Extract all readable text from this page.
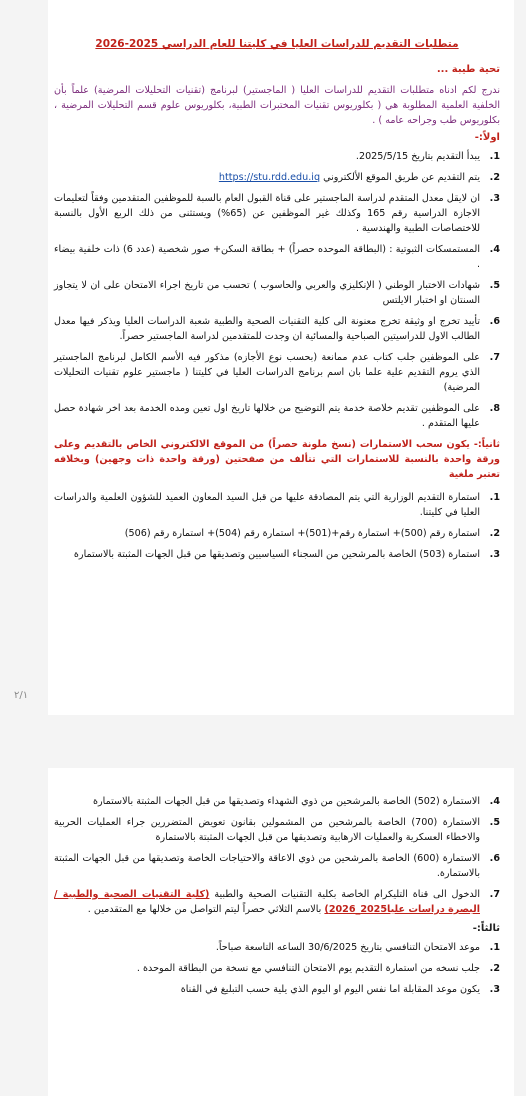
متطلبات التقديم للدراسات العليا في كليتنا للعام الدراسي 2025-2026
تحية طيبة ...
ندرج لكم ادناه متطلبات التقديم للدراسات العليا ( الماجستير) لبرنامج (تقنيات التحليلات المرضية) علماً بأن الخلفية العلمية المطلوبة هي ( بكلوريوس تقنيات المختبرات الطبية، بكلوريوس علوم قسم التحليلات المرضية ، بكلوريوس طب وجراحه عامه ) .
اولاً:-
1.
يبدأ التقديم بتاريخ 2025/5/15.
2.
يتم التقديم عن طريق الموقع الألكتروني https://stu.rdd.edu.iq
3.
ان لايقل معدل المتقدم لدراسة الماجستير على قناة القبول العام بالسبة للموظفين المتقدمين وفقاً لتعليمات الاجازة الدراسية رقم 165 وكذلك غير الموظفين عن (65%) ويستثنى من ذلك الربع الأول بالنسبة للاختصاصات الطبية والهندسية .
4.
المستمسكات الثبوتية : (البطاقة الموحده حصراً) + بطاقة السكن+ صور شخصية (عدد 6) ذات خلفية بيضاء .
5.
شهادات الاختبار الوطني ( الإنكليزي والعربي والحاسوب ) تحسب من تاريخ اجراء الامتحان على ان لا يتجاوز السنتان او اختبار الايلتس
6.
تأييد تخرج او وثيقة تخرج معنونة الى كلية التقنيات الصحية والطبية شعبة الدراسات العليا ويذكر فيها معدل الطالب الاول للدراسيتين الصباحية والمسائية ان وجدت للمتقدمين لدراسة الماجستير حصراً.
7.
على الموظفين جلب كتاب عدم ممانعة (بحسب نوع الأجازه) مذكور فيه الأسم الكامل لبرنامج الماجستير الذي يروم التقديم علية علما بان اسم برنامج الدراسات العليا في كليتنا ( ماجستير علوم تقنيات التحليلات المرضية)
8.
على الموظفين تقديم خلاصة خدمة يتم التوضيح من خلالها تاريخ اول تعين ومده الخدمة بعد اخر شهادة حصل عليها المتقدم .
ثانياً:- يكون سحب الاستمارات (نسخ ملونة حصراً) من الموقع الالكتروني الخاص بالتقديم وعلى ورقة واحدة بالنسبة للاستمارات التي تتألف من صفحتين (ورقة واحدة ذات وجهين) وبخلافه تعتبر ملغية
1.
استمارة التقديم الوزارية التي يتم المصادقة عليها من قبل السيد المعاون العميد للشؤون العلمية والدراسات العليا في كليتنا.
2.
استمارة رقم (500)+ استمارة رقم+(501)+ استمارة رقم (504)+ استمارة رقم (506)
3.
استمارة (503) الخاصة بالمرشحين من السجناء السياسيين وتصديقها من قبل الجهات المثبتة بالاستمارة
٢/١
4.
الاستمارة (502) الخاصة بالمرشحين من ذوي الشهداء وتصديقها من قبل الجهات المثبتة بالاستمارة
5.
الاستمارة (700) الخاصة بالمرشحين من المشمولين بقانون تعويض المتضررين جراء العمليات الحربية والاخطاء العسكرية والعمليات الارهابية وتصديقها من قبل الجهات المثبتة بالاستمارة
6.
الاستمارة (600) الخاصة بالمرشحين من ذوي الاعاقة والاحتياجات الخاصة وتصديقها من قبل الجهات المثبتة بالاستمارة.
7.
الدخول الى قناة التليكرام الخاصة بكلية التقنيات الصحية والطبية (كلية التقنيات الصحية والطبية /البصرة دراسات عليا2025_2026) بالاسم الثلاثي حصراً ليتم التواصل من خلالها مع المتقدمين .
ثالثاً:-
1.
موعد الامتحان التنافسي بتاريخ 30/6/2025 الساعه التاسعة صباحاً.
2.
جلب نسخه من استمارة التقديم يوم الامتحان التنافسي مع نسخة من البطاقة الموحدة .
3.
يكون موعد المقابلة اما نفس اليوم او اليوم الذي يلية حسب التبليغ في القناة
